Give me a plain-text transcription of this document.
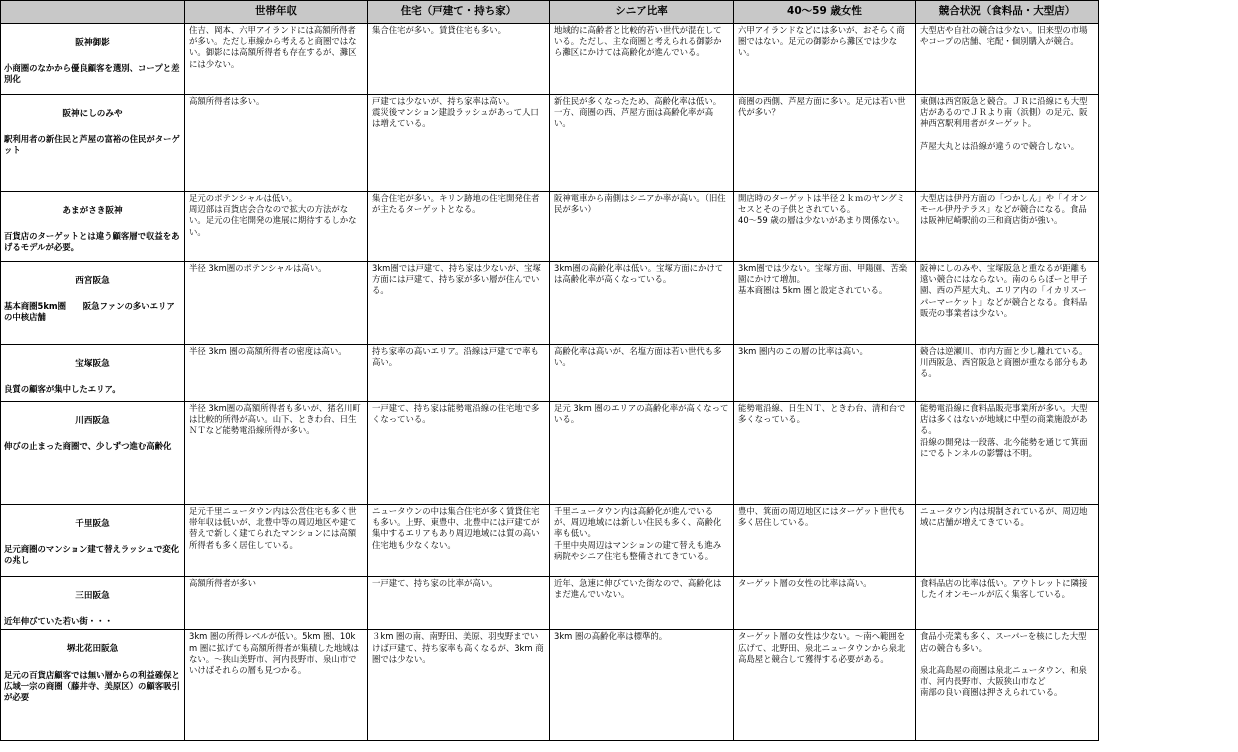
	世帯年収	住宅（戸建て・持ち家）	シニア比率	40～59 歳女性	競合状況（食料品・大型店）

阪神御影
小商圏のなかから優良顧客を選別、コープと差別化	住吉、岡本、六甲アイランドには高額所得者が多い。ただし車線から考えると商圏ではない。御影には高額所得者も存在するが、灘区には少ない。	集合住宅が多い。賃貸住宅も多い。	地域的に高齢者と比較的若い世代が混在している。ただし、主な商圏と考えられる御影から灘区にかけては高齢化が進んでいる。	六甲アイランドなどには多いが、おそらく商圏ではない。足元の御影から灘区では少ない。	大型店や自社の競合は少ない。旧来型の市場やコープの店舗、宅配・個別購入が競合。

阪神にしのみや
駅利用者の新住民と芦屋の富裕の住民がターゲット	高額所得者は多い。	戸建ては少ないが、持ち家率は高い。
震災後マンション建設ラッシュがあって人口は増えている。	新住民が多くなったため、高齢化率は低い。一方、商圏の西、芦屋方面は高齢化率が高い。	商圏の西側、芦屋方面に多い。足元は若い世代が多い？	東側は西宮阪急と競合。ＪＲに沿線にも大型店があるのでＪＲより南（浜側）の足元、阪神西宮駅利用者がターゲット。
芦屋大丸とは沿線が違うので競合しない。

あまがさき阪神
百貨店のターゲットとは違う顧客層で収益をあげるモデルが必要。	足元のポテンシャルは低い。
周辺部は百貨店会合なので拡大の方法がない。足元の住宅開発の進展に期待するしかない。	集合住宅が多い。キリン跡地の住宅開発住者が主たるターゲットとなる。	阪神電車から南側はシニアか率が高い。（旧住民が多い）	開店時のターゲットは半径２ｋｍのヤングミセスとその子供とされている。
40～59 歳の層は少ないがあまり関係ない。	大型店は伊丹方面の「つかしん」や「イオンモール伊丹テラス」などが競合になる。食品は阪神尼崎駅前の三和商店街が強い。

西宮阪急
基本商圏5km圏　　阪急ファンの多いエリアの中核店舗	半径 3km圏のポテンシャルは高い。	3km圏では戸建て、持ち家は少ないが、宝塚方面には戸建て、持ち家が多い層が住んでいる。	3km圏の高齢化率は低い。宝塚方面にかけては高齢化率が高くなっている。	3km圏では少ない。宝塚方面、甲陽園、苦楽園にかけて増加。
基本商圏は 5km 圏と設定されている。	阪神にしのみや、宝塚阪急と重なるが距離も遠い競合にはならない。南のららぽーと甲子園、西の芦屋大丸、エリア内の「イカリスーパーマーケット」などが競合となる。食料品販売の事業者は少ない。

宝塚阪急
良質の顧客が集中したエリア。	半径 3km 圏の高額所得者の密度は高い。	持ち家率の高いエリア。沿線は戸建てで率も高い。	高齢化率は高いが、名塩方面は若い世代も多い。	3km 圏内のこの層の比率は高い。	競合は逆瀬川、市内方面と少し離れている。
川西阪急、西宮阪急と商圏が重なる部分もある。

川西阪急
伸びの止まった商圏で、少しずつ進む高齢化	半径 3km圏の高額所得者も多いが、猪名川町は比較的所得が高い。山下、ときわ台、日生ＮＴなど能勢電沿線所得が多い。	一戸建て、持ち家は能勢電沿線の住宅地で多くなっている。	足元 3km 圏のエリアの高齢化率が高くなっている。	能勢電沿線、日生ＮＴ、ときわ台、清和台で多くなっている。	能勢電沿線に食料品販売事業所が多い。大型店は多くはないが地域に中型の商業施設がある。
沿線の開発は一段落、北今能勢を通じて箕面にでるトンネルの影響は不明。

千里阪急
足元商圏のマンション建て替えラッシュで変化の兆し	足元千里ニュータウン内は公営住宅も多く世帯年収は低いが、北豊中等の周辺地区や建て替えで新しく建てられたマンションには高額所得者も多く居住している。	ニュータウンの中は集合住宅が多く賃貸住宅も多い。上野、東豊中、北豊中には戸建てが集中するエリアもあり周辺地域には質の高い住宅地も少なくない。	千里ニュータウン内は高齢化が進んでいるが、周辺地域には新しい住民も多く、高齢化率も低い。
千里中央周辺はマンションの建て替えも進み病院やシニア住宅も整備されてきている。	豊中、箕面の周辺地区にはターゲット世代も多く居住している。	ニュータウン内は規制されているが、周辺地域に店舗が増えてきている。

三田阪急
近年伸びていた若い街・・・	高額所得者が多い	一戸建て、持ち家の比率が高い。	近年、急速に伸びていた街なので、高齢化はまだ進んでいない。	ターゲット層の女性の比率は高い。	食料品店の比率は低い。アウトレットに隣接したイオンモールが広く集客している。

堺北花田阪急
足元の百貨店顧客では無い層からの利益確保と広域一宗の商圏（藤井寺、美原区）の顧客吸引が必要	3km 圏の所得レベルが低い。5km 圏、10km 圏に拡げても高額所得者が集積した地域はない。～狭山美野市、河内長野市、泉山市でいけばそれらの層も見つかる。	３km 圏の南、南野田、美原、羽曳野までいけば戸建て、持ち家率も高くなるが、3km 商圏では少ない。	3km 圏の高齢化率は標準的。	ターゲット層の女性は少ない。～南へ範囲を広げて、北野田、泉北ニュータウンから泉北高島屋と競合して獲得する必要がある。	食品小売業も多く、スーパーを核にした大型店の競合も多い。
泉北高島屋の商圏は泉北ニュータウン、和泉市、河内長野市、大阪狭山市など
南部の良い商圏は押さえられている。
